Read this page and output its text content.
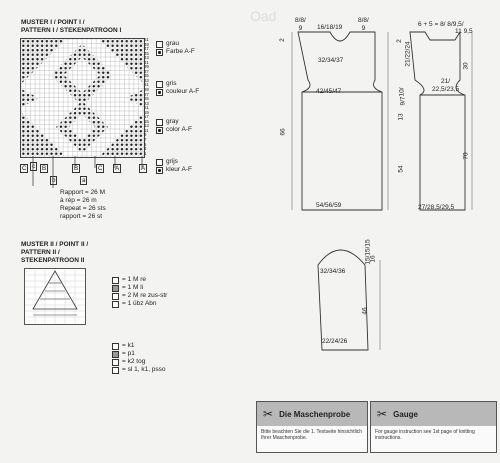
MUSTER I / POINT I /
PATTERN I / STEKENPATROON I
51
49
47
45
43
41
39
37
35
33
31
29
27
25
23
21
19
17
15
13
11
9
7
5
3
1
grau
Farbe A-F
gris
couleur A-F
gray
color A-F
grijs
kleur A-F
C	B	B	C	A
c
b	a
A
Rapport = 26 M
à rép = 26 m
Repeat = 26 sts
rapport = 26 st
MUSTER II / POINT II /
PATTERN II /
STEKENPATROON II
= 1 M re
= 1 M li
= 2 M re zus-str
= 1 übz Abn
= k1
= p1
= k2 tog
= sl 1, k1, psso
Oad	8/8/
9	16/18/19
8/8/
9
32/34/37
42/45/47
54/56/59
66
2
21/22/24
10/
9/7
13
54
6 + 5 = 8/ 8/9,5/
11 9,5
21/
22,5/23,5
30
70
27/28,5/29,5
2
32/34/36
22/24/26
15/15/15
16
46
✂ Die Maschenprobe
Bitte beachten Sie die 1. Textseite hinsichtlich
Ihrer Maschenprobe.
✂ Gauge
For gauge instruction see 1st page of knitting
instructions.
